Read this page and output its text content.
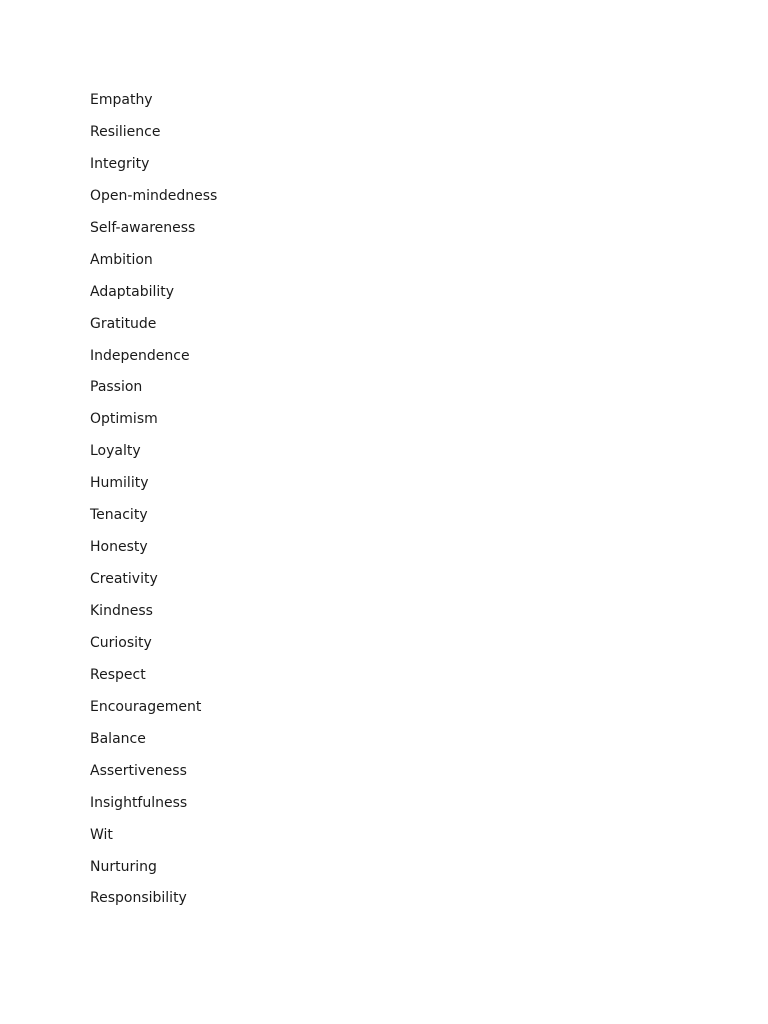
Empathy
Resilience
Integrity
Open-mindedness
Self-awareness
Ambition
Adaptability
Gratitude
Independence
Passion
Optimism
Loyalty
Humility
Tenacity
Honesty
Creativity
Kindness
Curiosity
Respect
Encouragement
Balance
Assertiveness
Insightfulness
Wit
Nurturing
Responsibility
